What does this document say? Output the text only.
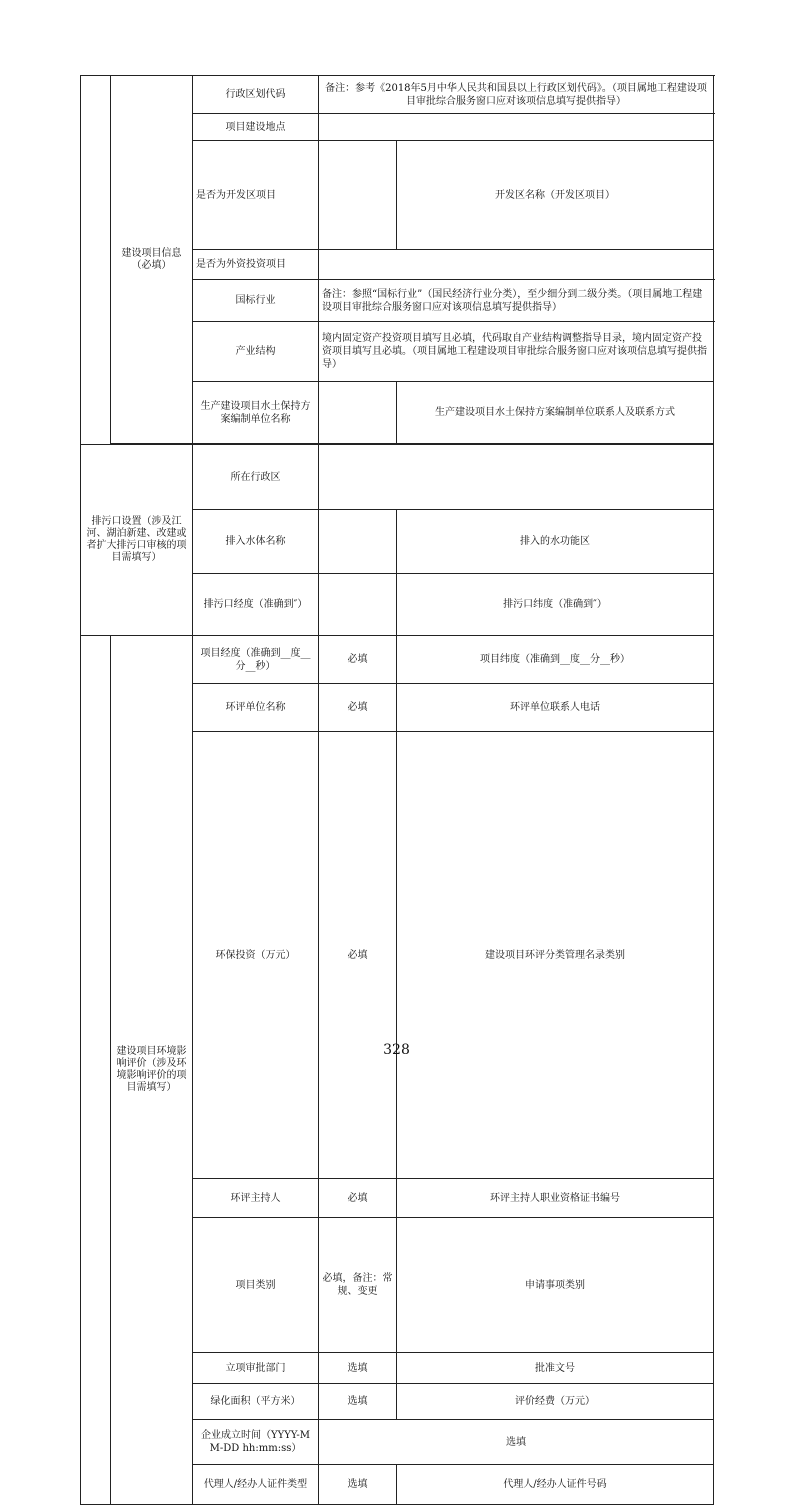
	建设项目信息（必填）	行政区划代码	备注：参考《2018年5月中华人民共和国县以上行政区划代码》。（项目属地工程建设项目审批综合服务窗口应对该项信息填写提供指导）		
		项目建设地点			
		是否为开发区项目		开发区名称（开发区项目）	
		是否为外资投资项目			
		国标行业	备注：参照“国标行业”（国民经济行业分类），至少细分到二级分类。（项目属地工程建设项目审批综合服务窗口应对该项信息填写提供指导）		
		产业结构	境内固定资产投资项目填写且必填，代码取自产业结构调整指导目录，境内固定资产投资项目填写且必填。（项目属地工程建设项目审批综合服务窗口应对该项信息填写提供指导）		
		生产建设项目水土保持方案编制单位名称		生产建设项目水土保持方案编制单位联系人及联系方式	

排污口设置（涉及江河、湖泊新建、改建或者扩大排污口审核的项目需填写）		所在行政区			
		排入水体名称		排入的水功能区	
		排污口经度（准确到″）		排污口纬度（准确到″）	
	建设项目环境影响评价（涉及环境影响评价的项目需填写）	项目经度（准确到__度__分__秒）	必填	项目纬度（准确到__度__分__秒）	
		环评单位名称	必填	环评单位联系人电话	
		环保投资（万元）	必填	建设项目环评分类管理名录类别	
		环评主持人	必填	环评主持人职业资格证书编号	
		项目类别	必填，备注：常规、变更	申请事项类别	
		立项审批部门	选填	批准文号	
		绿化面积（平方米）	选填	评价经费（万元）	
		企业成立时间（YYYY-MM-DD hh:mm:ss）	选填		
		代理人/经办人证件类型	选填	代理人/经办人证件号码	
328
